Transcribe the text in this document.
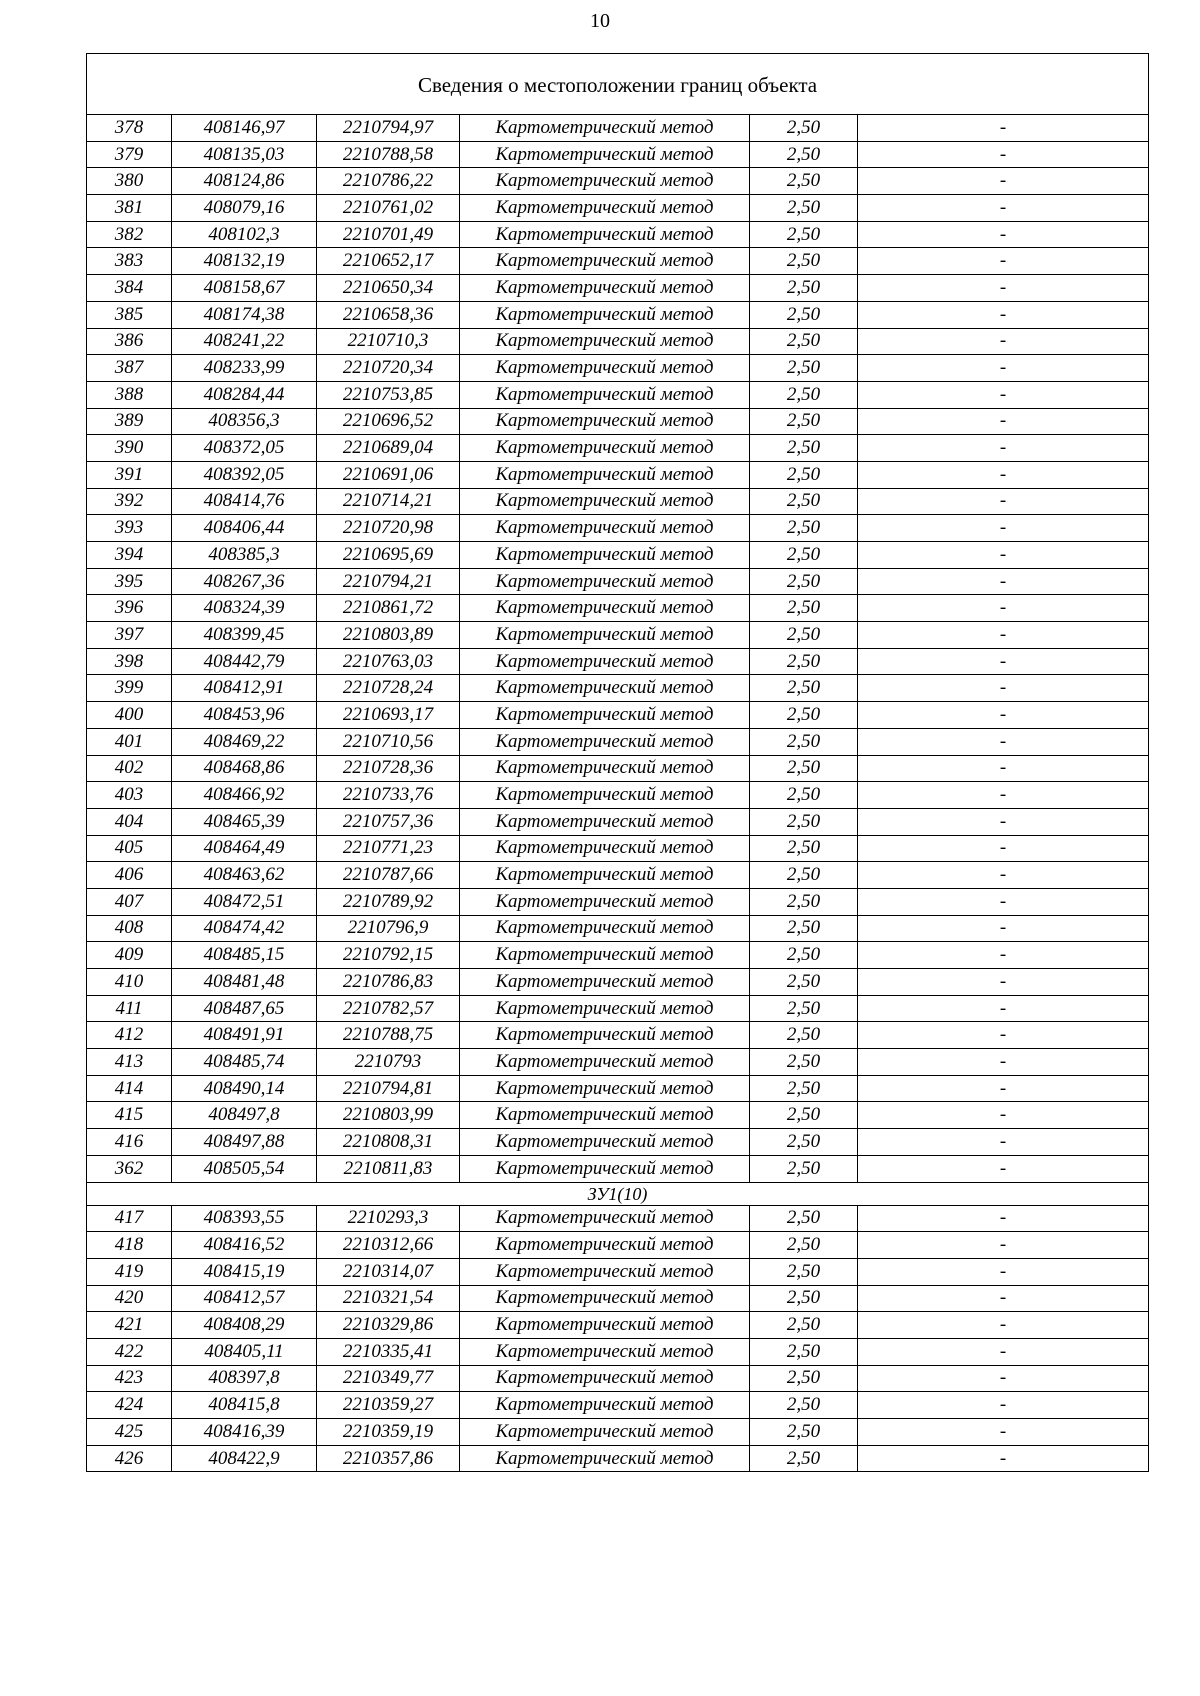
10
Сведения о местоположении границ объекта					
378	408146,97	2210794,97	Картометрический метод	2,50	-
379	408135,03	2210788,58	Картометрический метод	2,50	-
380	408124,86	2210786,22	Картометрический метод	2,50	-
381	408079,16	2210761,02	Картометрический метод	2,50	-
382	408102,3	2210701,49	Картометрический метод	2,50	-
383	408132,19	2210652,17	Картометрический метод	2,50	-
384	408158,67	2210650,34	Картометрический метод	2,50	-
385	408174,38	2210658,36	Картометрический метод	2,50	-
386	408241,22	2210710,3	Картометрический метод	2,50	-
387	408233,99	2210720,34	Картометрический метод	2,50	-
388	408284,44	2210753,85	Картометрический метод	2,50	-
389	408356,3	2210696,52	Картометрический метод	2,50	-
390	408372,05	2210689,04	Картометрический метод	2,50	-
391	408392,05	2210691,06	Картометрический метод	2,50	-
392	408414,76	2210714,21	Картометрический метод	2,50	-
393	408406,44	2210720,98	Картометрический метод	2,50	-
394	408385,3	2210695,69	Картометрический метод	2,50	-
395	408267,36	2210794,21	Картометрический метод	2,50	-
396	408324,39	2210861,72	Картометрический метод	2,50	-
397	408399,45	2210803,89	Картометрический метод	2,50	-
398	408442,79	2210763,03	Картометрический метод	2,50	-
399	408412,91	2210728,24	Картометрический метод	2,50	-
400	408453,96	2210693,17	Картометрический метод	2,50	-
401	408469,22	2210710,56	Картометрический метод	2,50	-
402	408468,86	2210728,36	Картометрический метод	2,50	-
403	408466,92	2210733,76	Картометрический метод	2,50	-
404	408465,39	2210757,36	Картометрический метод	2,50	-
405	408464,49	2210771,23	Картометрический метод	2,50	-
406	408463,62	2210787,66	Картометрический метод	2,50	-
407	408472,51	2210789,92	Картометрический метод	2,50	-
408	408474,42	2210796,9	Картометрический метод	2,50	-
409	408485,15	2210792,15	Картометрический метод	2,50	-
410	408481,48	2210786,83	Картометрический метод	2,50	-
411	408487,65	2210782,57	Картометрический метод	2,50	-
412	408491,91	2210788,75	Картометрический метод	2,50	-
413	408485,74	2210793	Картометрический метод	2,50	-
414	408490,14	2210794,81	Картометрический метод	2,50	-
415	408497,8	2210803,99	Картометрический метод	2,50	-
416	408497,88	2210808,31	Картометрический метод	2,50	-
362	408505,54	2210811,83	Картометрический метод	2,50	-
ЗУ1(10)					
417	408393,55	2210293,3	Картометрический метод	2,50	-
418	408416,52	2210312,66	Картометрический метод	2,50	-
419	408415,19	2210314,07	Картометрический метод	2,50	-
420	408412,57	2210321,54	Картометрический метод	2,50	-
421	408408,29	2210329,86	Картометрический метод	2,50	-
422	408405,11	2210335,41	Картометрический метод	2,50	-
423	408397,8	2210349,77	Картометрический метод	2,50	-
424	408415,8	2210359,27	Картометрический метод	2,50	-
425	408416,39	2210359,19	Картометрический метод	2,50	-
426	408422,9	2210357,86	Картометрический метод	2,50	-
